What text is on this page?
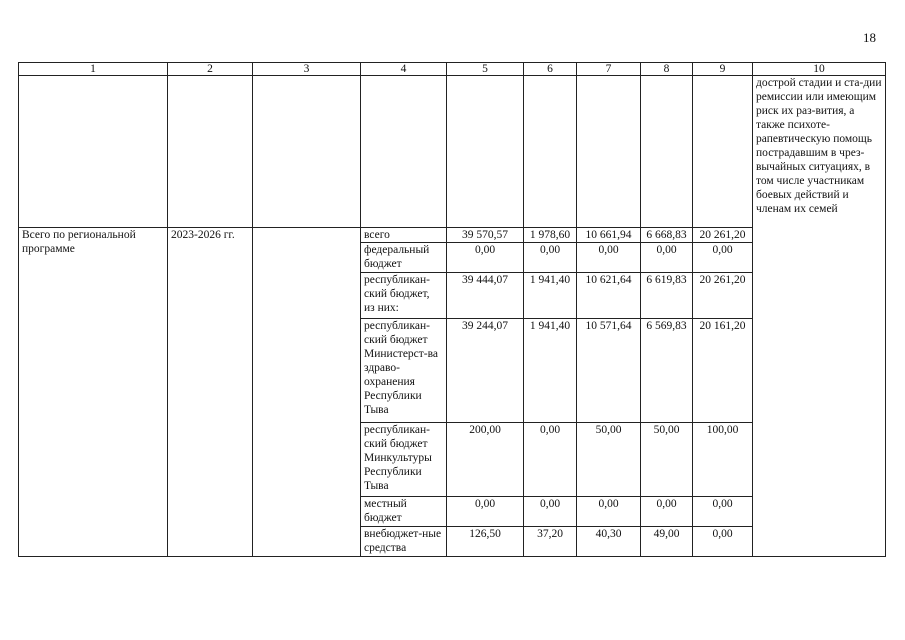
18
1	2	3	4	5	6	7	8	9	10
									дострой стадии и ста-дии ремиссии или имеющим риск их раз-вития, а также психоте-рапевтическую помощь пострадавшим в чрез-вычайных ситуациях, в том числе участникам боевых действий и членам их семей
Всего по региональной программе	2023-2026 гг.		всего	39 570,57	1 978,60	10 661,94	6 668,83	20 261,20	
			федеральный бюджет	0,00	0,00	0,00	0,00	0,00	
			республикан-ский бюджет, из них:	39 444,07	1 941,40	10 621,64	6 619,83	20 261,20	
			республикан-ский бюджет Министерст-ва здраво-охранения Республики Тыва	39 244,07	1 941,40	10 571,64	6 569,83	20 161,20	
			республикан-ский бюджет Минкультуры Республики Тыва	200,00	0,00	50,00	50,00	100,00	
			местный бюджет	0,00	0,00	0,00	0,00	0,00	
			внебюджет-ные средства	126,50	37,20	40,30	49,00	0,00	
